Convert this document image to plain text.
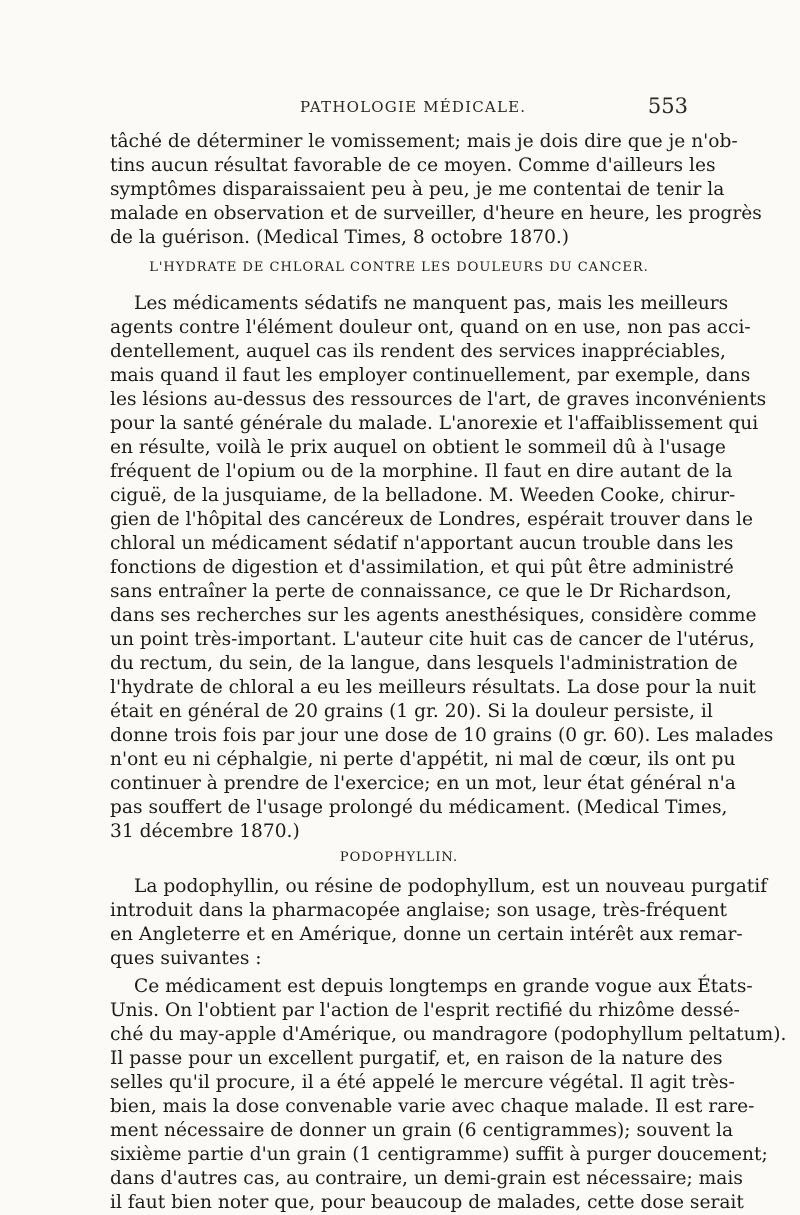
PATHOLOGIE MÉDICALE.	553
tâché de déterminer le vomissement; mais je dois dire que je n'ob-
tins aucun résultat favorable de ce moyen. Comme d'ailleurs les
symptômes disparaissaient peu à peu, je me contentai de tenir la
malade en observation et de surveiller, d'heure en heure, les progrès
de la guérison. (Medical Times, 8 octobre 1870.)
L'HYDRATE DE CHLORAL CONTRE LES DOULEURS DU CANCER.
Les médicaments sédatifs ne manquent pas, mais les meilleurs
agents contre l'élément douleur ont, quand on en use, non pas acci-
dentellement, auquel cas ils rendent des services inappréciables,
mais quand il faut les employer continuellement, par exemple, dans
les lésions au-dessus des ressources de l'art, de graves inconvénients
pour la santé générale du malade. L'anorexie et l'affaiblissement qui
en résulte, voilà le prix auquel on obtient le sommeil dû à l'usage
fréquent de l'opium ou de la morphine. Il faut en dire autant de la
ciguë, de la jusquiame, de la belladone. M. Weeden Cooke, chirur-
gien de l'hôpital des cancéreux de Londres, espérait trouver dans le
chloral un médicament sédatif n'apportant aucun trouble dans les
fonctions de digestion et d'assimilation, et qui pût être administré
sans entraîner la perte de connaissance, ce que le Dr Richardson,
dans ses recherches sur les agents anesthésiques, considère comme
un point très-important. L'auteur cite huit cas de cancer de l'utérus,
du rectum, du sein, de la langue, dans lesquels l'administration de
l'hydrate de chloral a eu les meilleurs résultats. La dose pour la nuit
était en général de 20 grains (1 gr. 20). Si la douleur persiste, il
donne trois fois par jour une dose de 10 grains (0 gr. 60). Les malades
n'ont eu ni céphalgie, ni perte d'appétit, ni mal de cœur, ils ont pu
continuer à prendre de l'exercice; en un mot, leur état général n'a
pas souffert de l'usage prolongé du médicament. (Medical Times,
31 décembre 1870.)
PODOPHYLLIN.
La podophyllin, ou résine de podophyllum, est un nouveau purgatif
introduit dans la pharmacopée anglaise; son usage, très-fréquent
en Angleterre et en Amérique, donne un certain intérêt aux remar-
ques suivantes :
Ce médicament est depuis longtemps en grande vogue aux États-
Unis. On l'obtient par l'action de l'esprit rectifié du rhizôme dessé-
ché du may-apple d'Amérique, ou mandragore (podophyllum peltatum).
Il passe pour un excellent purgatif, et, en raison de la nature des
selles qu'il procure, il a été appelé le mercure végétal. Il agit très-
bien, mais la dose convenable varie avec chaque malade. Il est rare-
ment nécessaire de donner un grain (6 centigrammes); souvent la
sixième partie d'un grain (1 centigramme) suffit à purger doucement;
dans d'autres cas, au contraire, un demi-grain est nécessaire; mais
il faut bien noter que, pour beaucoup de malades, cette dose serait
